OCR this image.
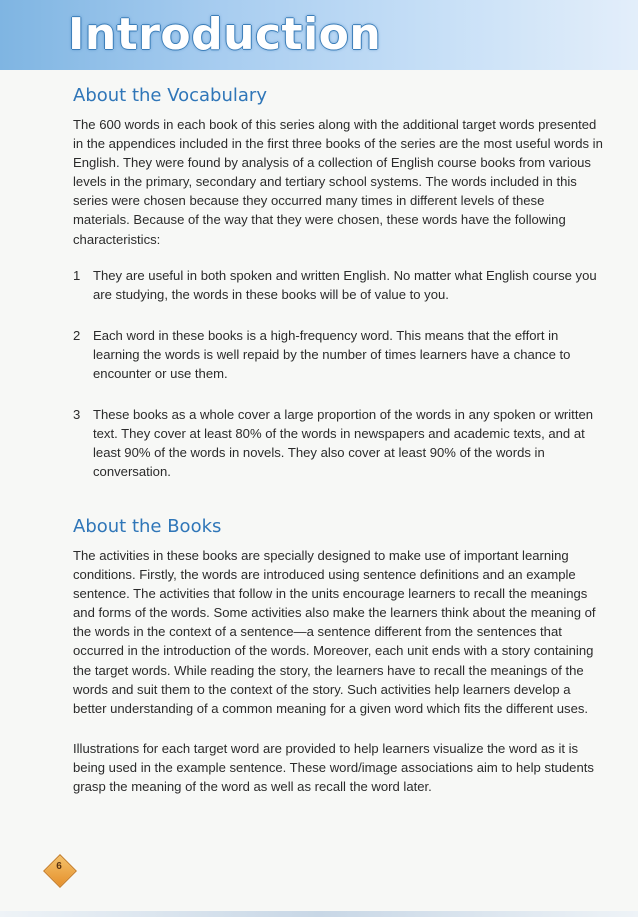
Introduction
About the Vocabulary

The 600 words in each book of this series along with the additional target words presented in the appendices included in the first three books of the series are the most useful words in English. They were found by analysis of a collection of English course books from various levels in the primary, secondary and tertiary school systems. The words included in this series were chosen because they occurred many times in different levels of these materials. Because of the way that they were chosen, these words have the following characteristics:

1 They are useful in both spoken and written English. No matter what English course you are studying, the words in these books will be of value to you.
2 Each word in these books is a high-frequency word. This means that the effort in learning the words is well repaid by the number of times learners have a chance to encounter or use them.
3 These books as a whole cover a large proportion of the words in any spoken or written text. They cover at least 80% of the words in newspapers and academic texts, and at least 90% of the words in novels. They also cover at least 90% of the words in conversation.
About the Books

The activities in these books are specially designed to make use of important learning conditions. Firstly, the words are introduced using sentence definitions and an example sentence. The activities that follow in the units encourage learners to recall the meanings and forms of the words. Some activities also make the learners think about the meaning of the words in the context of a sentence—a sentence different from the sentences that occurred in the introduction of the words. Moreover, each unit ends with a story containing the target words. While reading the story, the learners have to recall the meanings of the words and suit them to the context of the story. Such activities help learners develop a better understanding of a common meaning for a given word which fits the different uses.

Illustrations for each target word are provided to help learners visualize the word as it is being used in the example sentence. These word/image associations aim to help students grasp the meaning of the word as well as recall the word later.

6
